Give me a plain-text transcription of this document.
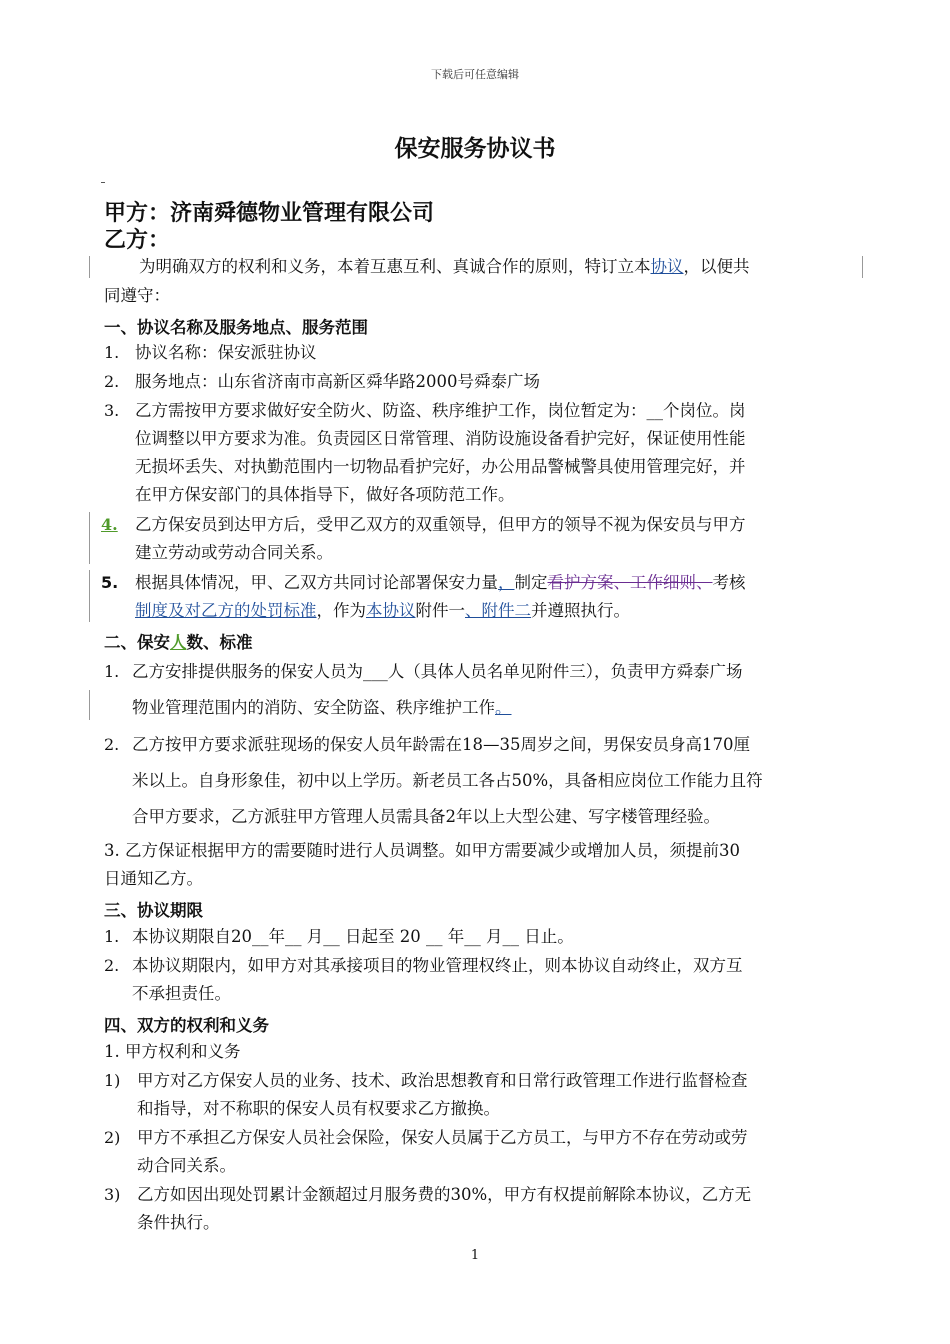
下载后可任意编辑
保安服务协议书
甲方：济南舜德物业管理有限公司
乙方：
为明确双方的权利和义务，本着互惠互利、真诚合作的原则，特订立本协议，以便共
同遵守：
一、协议名称及服务地点、服务范围
1. 协议名称：保安派驻协议
2. 服务地点：山东省济南市高新区舜华路2000号舜泰广场
3. 乙方需按甲方要求做好安全防火、防盗、秩序维护工作，岗位暂定为：__个岗位。岗
位调整以甲方要求为准。负责园区日常管理、消防设施设备看护完好，保证使用性能
无损坏丢失、对执勤范围内一切物品看护完好，办公用品警械警具使用管理完好，并
在甲方保安部门的具体指导下，做好各项防范工作。
4. 乙方保安员到达甲方后，受甲乙双方的双重领导，但甲方的领导不视为保安员与甲方
建立劳动或劳动合同关系。
5. 根据具体情况，甲、乙双方共同讨论部署保安力量，制定看护方案、工作细则、考核
制度及对乙方的处罚标准，作为本协议附件一、附件二并遵照执行。
二、保安人数、标准
1. 乙方安排提供服务的保安人员为___人（具体人员名单见附件三），负责甲方舜泰广场
物业管理范围内的消防、安全防盗、秩序维护工作。
2. 乙方按甲方要求派驻现场的保安人员年龄需在18—35周岁之间，男保安员身高170厘
米以上。自身形象佳，初中以上学历。新老员工各占50%，具备相应岗位工作能力且符
合甲方要求，乙方派驻甲方管理人员需具备2年以上大型公建、写字楼管理经验。
3. 乙方保证根据甲方的需要随时进行人员调整。如甲方需要减少或增加人员，须提前30
日通知乙方。
三、协议期限
1. 本协议期限自20__年__ 月__ 日起至 20 __ 年__ 月__ 日止。
2. 本协议期限内，如甲方对其承接项目的物业管理权终止，则本协议自动终止，双方互
不承担责任。
四、双方的权利和义务
1. 甲方权利和义务
1) 甲方对乙方保安人员的业务、技术、政治思想教育和日常行政管理工作进行监督检查
和指导，对不称职的保安人员有权要求乙方撤换。
2) 甲方不承担乙方保安人员社会保险，保安人员属于乙方员工，与甲方不存在劳动或劳
动合同关系。
3) 乙方如因出现处罚累计金额超过月服务费的30%，甲方有权提前解除本协议，乙方无
条件执行。
1
